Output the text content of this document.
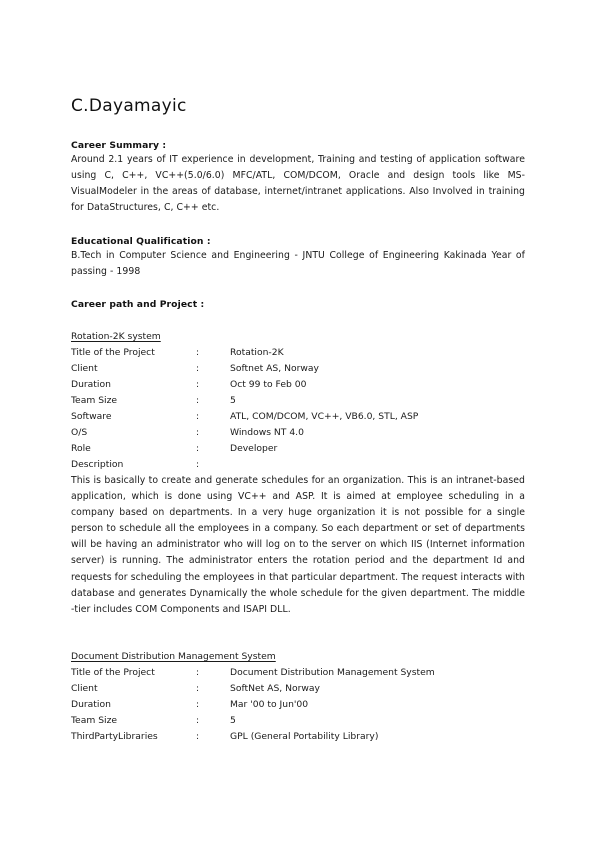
C.Dayamayic
Career Summary :

Around 2.1 years of IT experience in development, Training and testing of application software using C, C++, VC++(5.0/6.0) MFC/ATL, COM/DCOM, Oracle and design tools like MS-VisualModeler in the areas of database, internet/intranet applications. Also Involved in training for DataStructures, C, C++ etc.

Educational Qualification :

B.Tech in Computer Science and Engineering - JNTU College of Engineering Kakinada Year of passing - 1998

Career path and Project :
Rotation-2K system
Title of the Project	:	Rotation-2K
Client	:	Softnet AS, Norway
Duration	:	Oct 99 to Feb 00
Team Size	:	5
Software	:	ATL, COM/DCOM, VC++, VB6.0, STL, ASP
O/S	:	Windows NT 4.0
Role	:	Developer
Description	:

This is basically to create and generate schedules for an organization. This is an intranet-based application, which is done using VC++ and ASP. It is aimed at employee scheduling in a company based on departments. In a very huge organization it is not possible for a single person to schedule all the employees in a company. So each department or set of departments will be having an administrator who will log on to the server on which IIS (Internet information server) is running. The administrator enters the rotation period and the department Id and requests for scheduling the employees in that particular department. The request interacts with database and generates Dynamically the whole schedule for the given department. The middle -tier includes COM Components and ISAPI DLL.

Document Distribution Management System
Title of the Project	:	Document Distribution Management System
Client	:	SoftNet AS, Norway
Duration	:	Mar '00 to Jun'00
Team Size	:	5
ThirdPartyLibraries	:	GPL (General Portability Library)
